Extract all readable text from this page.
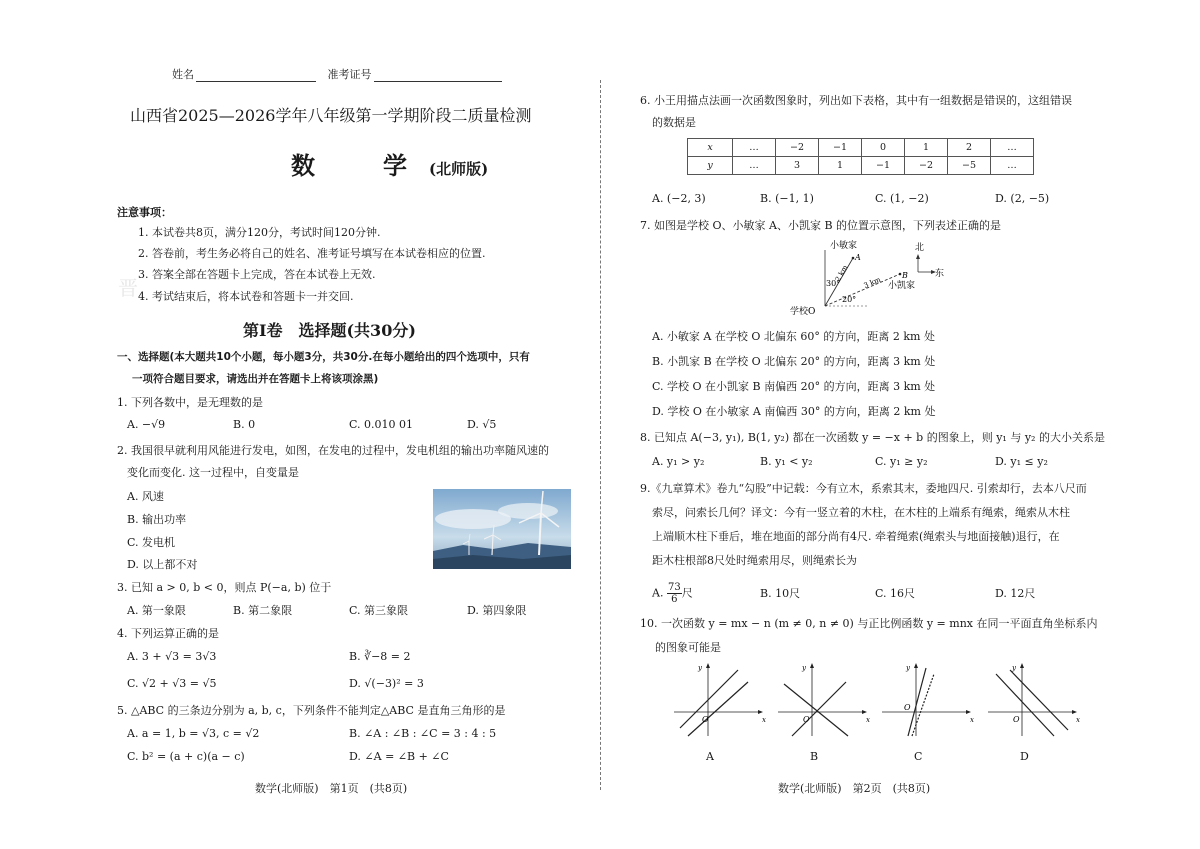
姓名	准考证号
山西省2025—2026学年八年级第一学期阶段二质量检测
数　学(北师版)
注意事项：
1. 本试卷共8页，满分120分，考试时间120分钟.
2. 答卷前，考生务必将自己的姓名、准考证号填写在本试卷相应的位置.
3. 答案全部在答题卡上完成，答在本试卷上无效.
4. 考试结束后，将本试卷和答题卡一并交回.
晋
第Ⅰ卷　选择题(共30分)
一、选择题(本大题共10个小题，每小题3分，共30分.在每小题给出的四个选项中，只有
一项符合题目要求，请选出并在答题卡上将该项涂黑)
1. 下列各数中，是无理数的是
A. −√9	B. 0	C. 0.010 01	D. √5
2. 我国很早就利用风能进行发电，如图，在发电的过程中，发电机组的输出功率随风速的
变化而变化. 这一过程中，自变量是
A. 风速
B. 输出功率
C. 发电机
D. 以上都不对
3. 已知 a > 0, b < 0，则点 P(−a, b) 位于
A. 第一象限	B. 第二象限	C. 第三象限	D. 第四象限
4. 下列运算正确的是
A. 3 + √3 = 3√3	B. ∛−8 = 2
C. √2 + √3 = √5	D. √(−3)² = 3
5. △ABC 的三条边分别为 a, b, c，下列条件不能判定△ABC 是直角三角形的是
A. a = 1, b = √3, c = √2	B. ∠A : ∠B : ∠C = 3 : 4 : 5
C. b² = (a + c)(a − c)	D. ∠A = ∠B + ∠C
数学(北师版)　第1页　(共8页)
6. 小王用描点法画一次函数图象时，列出如下表格，其中有一组数据是错误的，这组错误
的数据是
x	…	−2	−1	0	1	2	…
y	…	3	1	−1	−2	−5	…
A. (−2, 3)	B. (−1, 1)	C. (1, −2)	D. (2, −5)
7. 如图是学校 O、小敏家 A、小凯家 B 的位置示意图，下列表述正确的是
小敏家
A
北
东
B
小凯家
学校O
30°
20°
2 km 3 km
A. 小敏家 A 在学校 O 北偏东 60° 的方向，距离 2 km 处
B. 小凯家 B 在学校 O 北偏东 20° 的方向，距离 3 km 处
C. 学校 O 在小凯家 B 南偏西 20° 的方向，距离 3 km 处
D. 学校 O 在小敏家 A 南偏西 30° 的方向，距离 2 km 处
8. 已知点 A(−3, y₁), B(1, y₂) 都在一次函数 y = −x + b 的图象上，则 y₁ 与 y₂ 的大小关系是
A. y₁ > y₂	B. y₁ < y₂	C. y₁ ≥ y₂	D. y₁ ≤ y₂
9.《九章算术》卷九“勾股”中记载：今有立木，系索其末，委地四尺. 引索却行，去本八尺而
索尽，问索长几何？译文：今有一竖立着的木柱，在木柱的上端系有绳索，绳索从木柱
上端顺木柱下垂后，堆在地面的部分尚有4尺. 牵着绳索(绳索头与地面接触)退行，在
距木柱根部8尺处时绳索用尽，则绳索长为
A. $\frac{73}{6}$ 尺	B. 10尺	C. 16尺	D. 12尺
10. 一次函数 y = mx − n (m ≠ 0, n ≠ 0) 与正比例函数 y = mnx 在同一平面直角坐标系内
的图象可能是
y
x
O
y
x
O
y
x
O
y
x
O
A	B	C	D
数学(北师版)　第2页　(共8页)
